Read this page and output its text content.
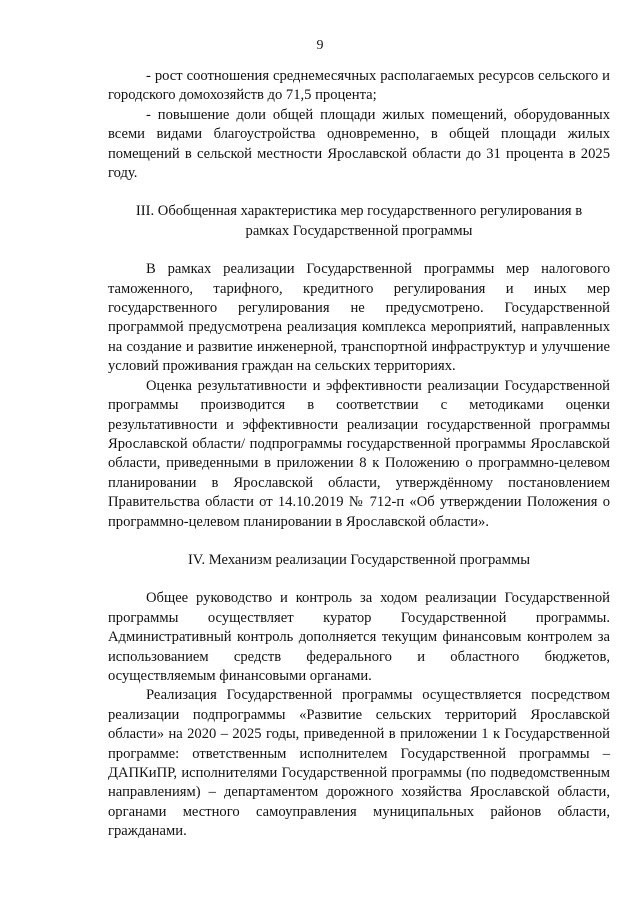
9

- рост соотношения среднемесячных располагаемых ресурсов сельского и городского домохозяйств до 71,5 процента;

- повышение доли общей площади жилых помещений, оборудованных всеми видами благоустройства одновременно, в общей площади жилых помещений в сельской местности Ярославской области до 31 процента в 2025 году.

III. Обобщенная характеристика мер государственного регулирования в рамках Государственной программы

В рамках реализации Государственной программы мер налогового таможенного, тарифного, кредитного регулирования и иных мер государственного регулирования не предусмотрено. Государственной программой предусмотрена реализация комплекса мероприятий, направленных на создание и развитие инженерной, транспортной инфраструктур и улучшение условий проживания граждан на сельских территориях.

Оценка результативности и эффективности реализации Государственной программы производится в соответствии с методиками оценки результативности и эффективности реализации государственной программы Ярославской области/ подпрограммы государственной программы Ярославской области, приведенными в приложении 8 к Положению о программно-целевом планировании в Ярославской области, утверждённому постановлением Правительства области от 14.10.2019 № 712-п «Об утверждении Положения о программно-целевом планировании в Ярославской области».

IV. Механизм реализации Государственной программы

Общее руководство и контроль за ходом реализации Государственной программы осуществляет куратор Государственной программы. Административный контроль дополняется текущим финансовым контролем за использованием средств федерального и областного бюджетов, осуществляемым финансовыми органами.

Реализация Государственной программы осуществляется посредством реализации подпрограммы «Развитие сельских территорий Ярославской области» на 2020 – 2025 годы, приведенной в приложении 1 к Государственной программе: ответственным исполнителем Государственной программы – ДАПКиПР, исполнителями Государственной программы (по подведомственным направлениям) – департаментом дорожного хозяйства Ярославской области, органами местного самоуправления муниципальных районов области, гражданами.
